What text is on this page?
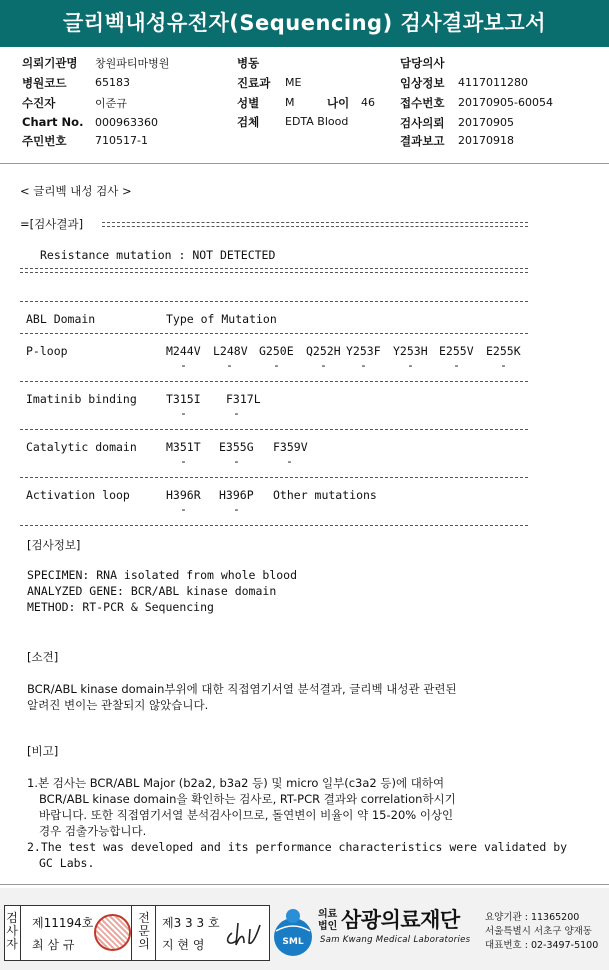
글리벡내성유전자(Sequencing) 검사결과보고서
의뢰기관명 창원파티마병원
병원코드	65183
수진자	이준규
Chart No. 000963360
주민번호	710517-1
병동
진료과 ME
성별 M	나이 46
검체 EDTA Blood
담당의사
임상정보 4117011280
접수번호 20170905-60054
검사의뢰 20170905
결과보고 20170918
< 글리벡 내성 검사 >
=[검사결과]
Resistance mutation : NOT DETECTED
ABL Domain	Type of Mutation
P-loop	M244V L248V G250E Q252H Y253F Y253H E255V E255K
-	-	-	-	-	-	-	-
Imatinib binding	T315I F317L
-	-
Catalytic domain	M351T E355G F359V
-	-	-
Activation loop	H396R H396P Other mutations
-	-
[검사정보]
SPECIMEN: RNA isolated from whole blood
ANALYZED GENE: BCR/ABL kinase domain
METHOD: RT-PCR & Sequencing
[소견]
BCR/ABL kinase domain부위에 대한 직접염기서열 분석결과, 글리벡 내성관 관련된
알려진 변이는 관찰되지 않았습니다.
[비고]
1.본 검사는 BCR/ABL Major (b2a2, b3a2 등) 및 micro 일부(c3a2 등)에 대하여
BCR/ABL kinase domain을 확인하는 검사로, RT-PCR 결과와 correlation하시기
바랍니다. 또한 직접염기서열 분석검사이므로, 돌연변이 비율이 약 15-20% 이상인
경우 검출가능합니다.
2.The test was developed and its performance characteristics were validated by
GC Labs.
검
사
자
제11194호
최 삼 규
전
문
의
제3 3 3 호
지 현 영	SML
의료
법인 삼광의료재단
Sam Kwang Medical Laboratories
요양기관 : 11365200
서울특별시 서초구 양재동
대표번호 : 02-3497-5100
